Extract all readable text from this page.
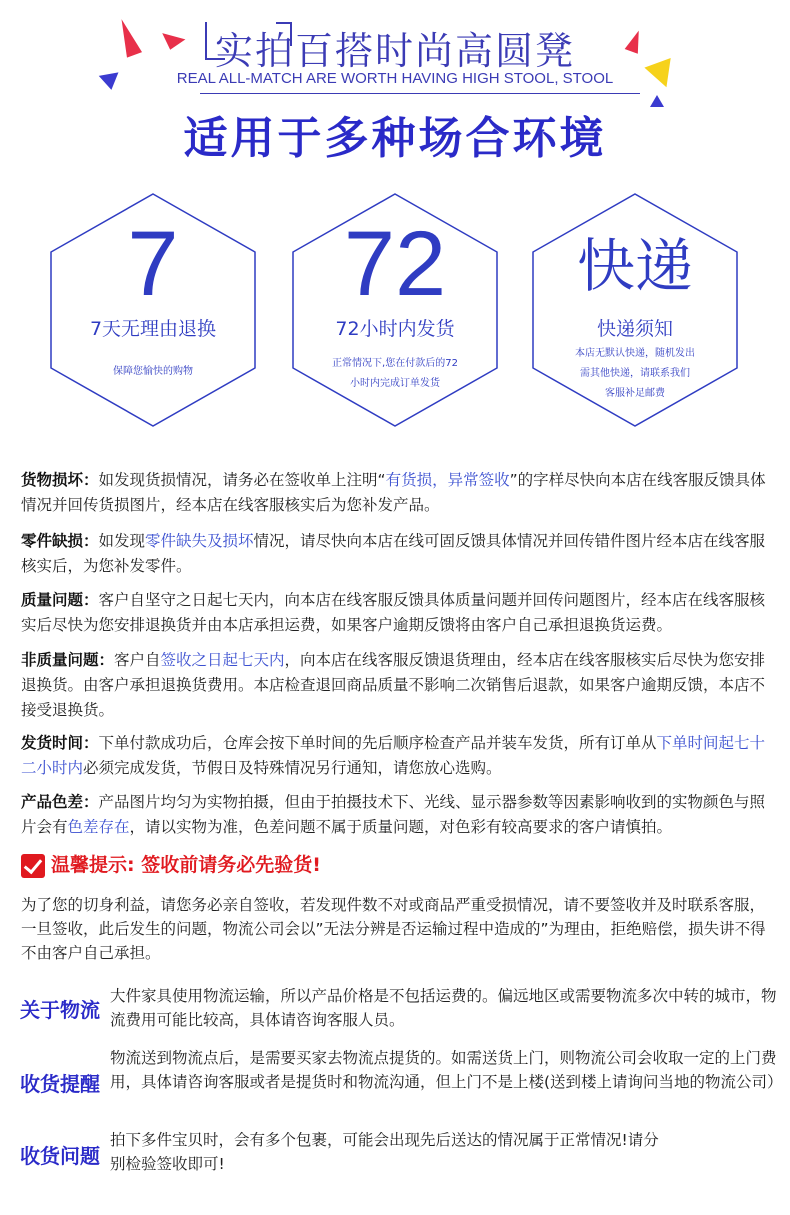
实拍百搭时尚高圆凳
REAL ALL-MATCH ARE WORTH HAVING HIGH STOOL, STOOL
适用于多种场合环境
7
7天无理由退换
保障您愉快的购物
72
72小时内发货
正常情况下,您在付款后的72
小时内完成订单发货
快递
快递须知
本店无默认快递，随机发出
需其他快递，请联系我们
客服补足邮费
货物损坏：如发现货损情况，请务必在签收单上注明“有货损，异常签收”的字样尽快向本店在线客服反馈具体情况并回传货损图片，经本店在线客服核实后为您补发产品。
零件缺损：如发现零件缺失及损坏情况，请尽快向本店在线可固反馈具体情况并回传错件图片经本店在线客服核实后，为您补发零件。
质量问题：客户自坚守之日起七天内，向本店在线客服反馈具体质量问题并回传问题图片，经本店在线客服核实后尽快为您安排退换货并由本店承担运费，如果客户逾期反馈将由客户自己承担退换货运费。
非质量问题：客户自签收之日起七天内，向本店在线客服反馈退货理由，经本店在线客服核实后尽快为您安排退换货。由客户承担退换货费用。本店检查退回商品质量不影响二次销售后退款，如果客户逾期反馈，本店不接受退换货。
发货时间：下单付款成功后，仓库会按下单时间的先后顺序检查产品并装车发货，所有订单从下单时间起七十二小时内必须完成发货，节假日及特殊情况另行通知，请您放心选购。
产品色差：产品图片均匀为实物拍摄，但由于拍摄技术下、光线、显示器参数等因素影响收到的实物颜色与照片会有色差存在，请以实物为准，色差问题不属于质量问题，对色彩有较高要求的客户请慎拍。
温馨提示: 签收前请务必先验货!
为了您的切身利益，请您务必亲自签收，若发现件数不对或商品严重受损情况，请不要签收并及时联系客服，一旦签收，此后发生的问题，物流公司会以”无法分辨是否运输过程中造成的”为理由，拒绝赔偿，损失讲不得不由客户自己承担。
关于物流
大件家具使用物流运输，所以产品价格是不包括运费的。偏远地区或需要物流多次中转的城市，物流费用可能比较高，具体请咨询客服人员。
收货提醒
物流送到物流点后，是需要买家去物流点提货的。如需送货上门，则物流公司会收取一定的上门费用，具体请咨询客服或者是提货时和物流沟通，但上门不是上楼(送到楼上请询问当地的物流公司）
收货问题
拍下多件宝贝时，会有多个包裹，可能会出现先后送达的情况属于正常情况!请分别检验签收即可!
